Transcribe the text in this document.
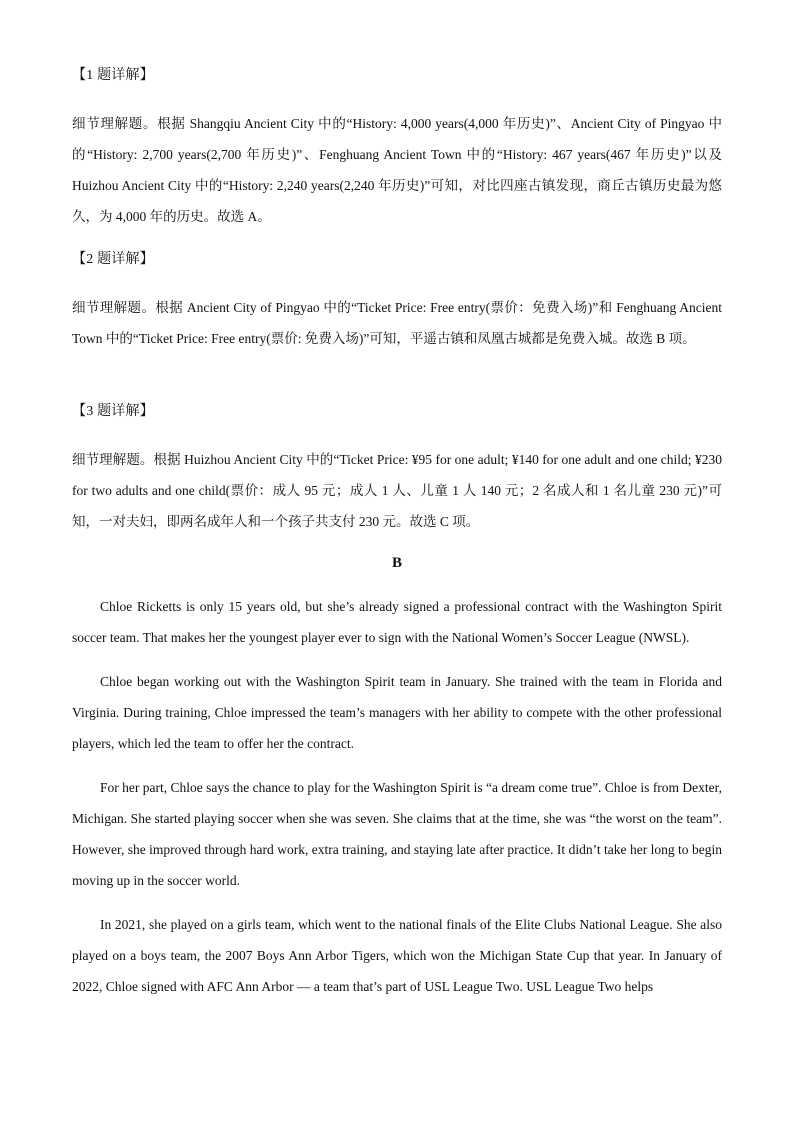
【1 题详解】

细节理解题。根据 Shangqiu Ancient City 中的“History: 4,000 years(4,000 年历史)”、Ancient City of Pingyao 中的“History: 2,700 years(2,700 年历史)”、Fenghuang Ancient Town 中的“History: 467 years(467 年历史)”以及 Huizhou Ancient City 中的“History: 2,240 years(2,240 年历史)”可知，对比四座古镇发现，商丘古镇历史最为悠久，为 4,000 年的历史。故选 A。

【2 题详解】

细节理解题。根据 Ancient City of Pingyao 中的“Ticket Price: Free entry(票价：免费入场)”和 Fenghuang Ancient Town 中的“Ticket Price: Free entry(票价: 免费入场)”可知，平遥古镇和凤凰古城都是免费入城。故选 B 项。

【3 题详解】

细节理解题。根据 Huizhou Ancient City 中的“Ticket Price: ¥95 for one adult; ¥140 for one adult and one child; ¥230 for two adults and one child(票价：成人 95 元；成人 1 人、儿童 1 人 140 元；2 名成人和 1 名儿童 230 元)”可知，一对夫妇，即两名成年人和一个孩子共支付 230 元。故选 C 项。

B

Chloe Ricketts is only 15 years old, but she’s already signed a professional contract with the Washington Spirit soccer team. That makes her the youngest player ever to sign with the National Women’s Soccer League (NWSL).

Chloe began working out with the Washington Spirit team in January. She trained with the team in Florida and Virginia. During training, Chloe impressed the team’s managers with her ability to compete with the other professional players, which led the team to offer her the contract.

For her part, Chloe says the chance to play for the Washington Spirit is “a dream come true”. Chloe is from Dexter, Michigan. She started playing soccer when she was seven. She claims that at the time, she was “the worst on the team”. However, she improved through hard work, extra training, and staying late after practice. It didn’t take her long to begin moving up in the soccer world.

In 2021, she played on a girls team, which went to the national finals of the Elite Clubs National League. She also played on a boys team, the 2007 Boys Ann Arbor Tigers, which won the Michigan State Cup that year. In January of 2022, Chloe signed with AFC Ann Arbor — a team that’s part of USL League Two. USL League Two helps
